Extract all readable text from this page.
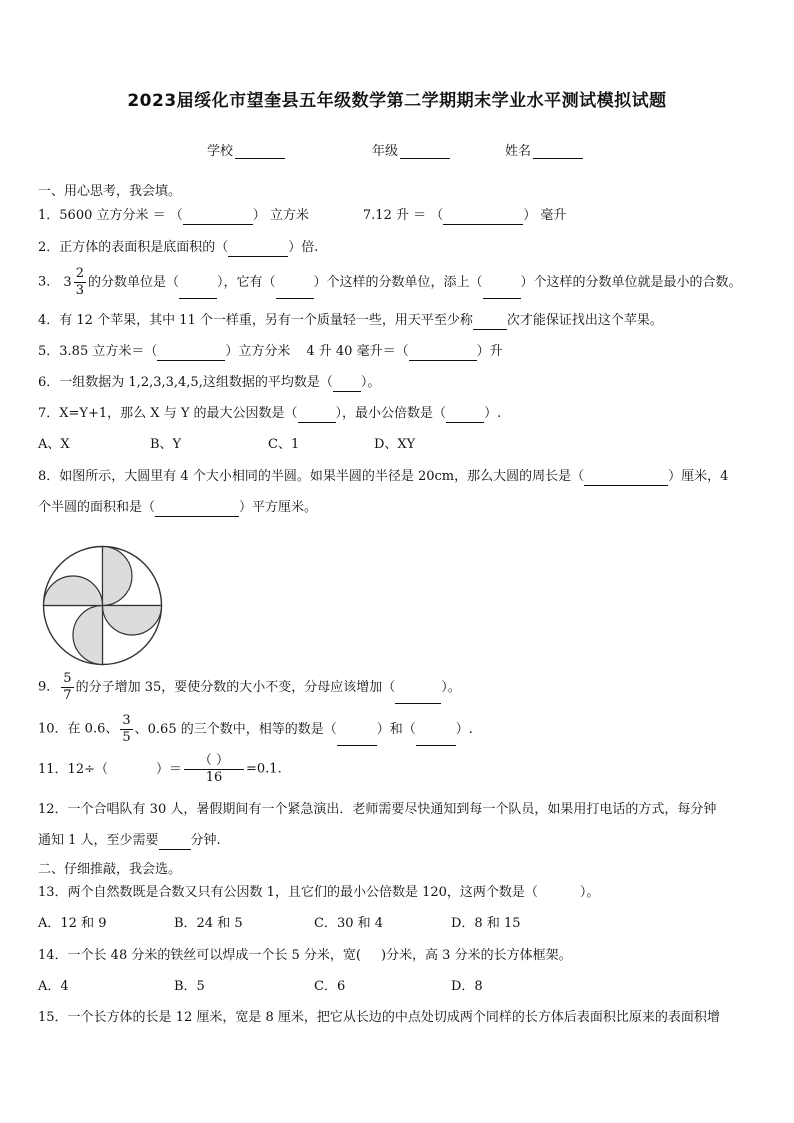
2023届绥化市望奎县五年级数学第二学期期末学业水平测试模拟试题
学校	年级	姓名
一、用心思考，我会填。
1．5600 立方分米 ＝ （	） 立方米	7.12 升 ＝ （	） 毫升
2．正方体的表面积是底面积的（	）倍.
3． $3 \frac{2}{3}$ 的分数单位是（	），它有（	）个这样的分数单位，添上（	）个这样的分数单位就是最小的合数。
4．有 12 个苹果，其中 11 个一样重，另有一个质量轻一些，用天平至少称	次才能保证找出这个苹果。
5．3.85 立方米＝（	）立方分米 4 升 40 毫升＝（	）升
6．一组数据为 1,2,3,3,4,5,这组数据的平均数是（ ）。
7．X=Y+1，那么 X 与 Y 的最大公因数是（	），最小公倍数是（	）.
A、X	B、Y	C、1	D、XY
8．如图所示，大圆里有 4 个大小相同的半圆。如果半圆的半径是 20cm，那么大圆的周长是（	）厘米，4
个半圆的面积和是（	）平方厘米。
9． $\frac{5}{7}$ 的分子增加 35，要使分数的大小不变，分母应该增加（	）。
10．在 0.6、 $\frac{3}{5}$ 、0.65 的三个数中，相等的数是（	）和（	）.
11．12÷（	）＝ $\frac{( )}{16} =0.1$.
12．一个合唱队有 30 人，暑假期间有一个紧急演出．老师需要尽快通知到每一个队员，如果用打电话的方式，每分钟
通知 1 人，至少需要 分钟.
二、仔细推敲，我会选。
13．两个自然数既是合数又只有公因数 1，且它们的最小公倍数是 120，这两个数是（	）。
A．12 和 9	B．24 和 5	C．30 和 4	D．8 和 15
14．一个长 48 分米的铁丝可以焊成一个长 5 分米，宽( )分米，高 3 分米的长方体框架。
A．4	B．5	C．6	D．8
15．一个长方体的长是 12 厘米，宽是 8 厘米，把它从长边的中点处切成两个同样的长方体后表面积比原来的表面积增
